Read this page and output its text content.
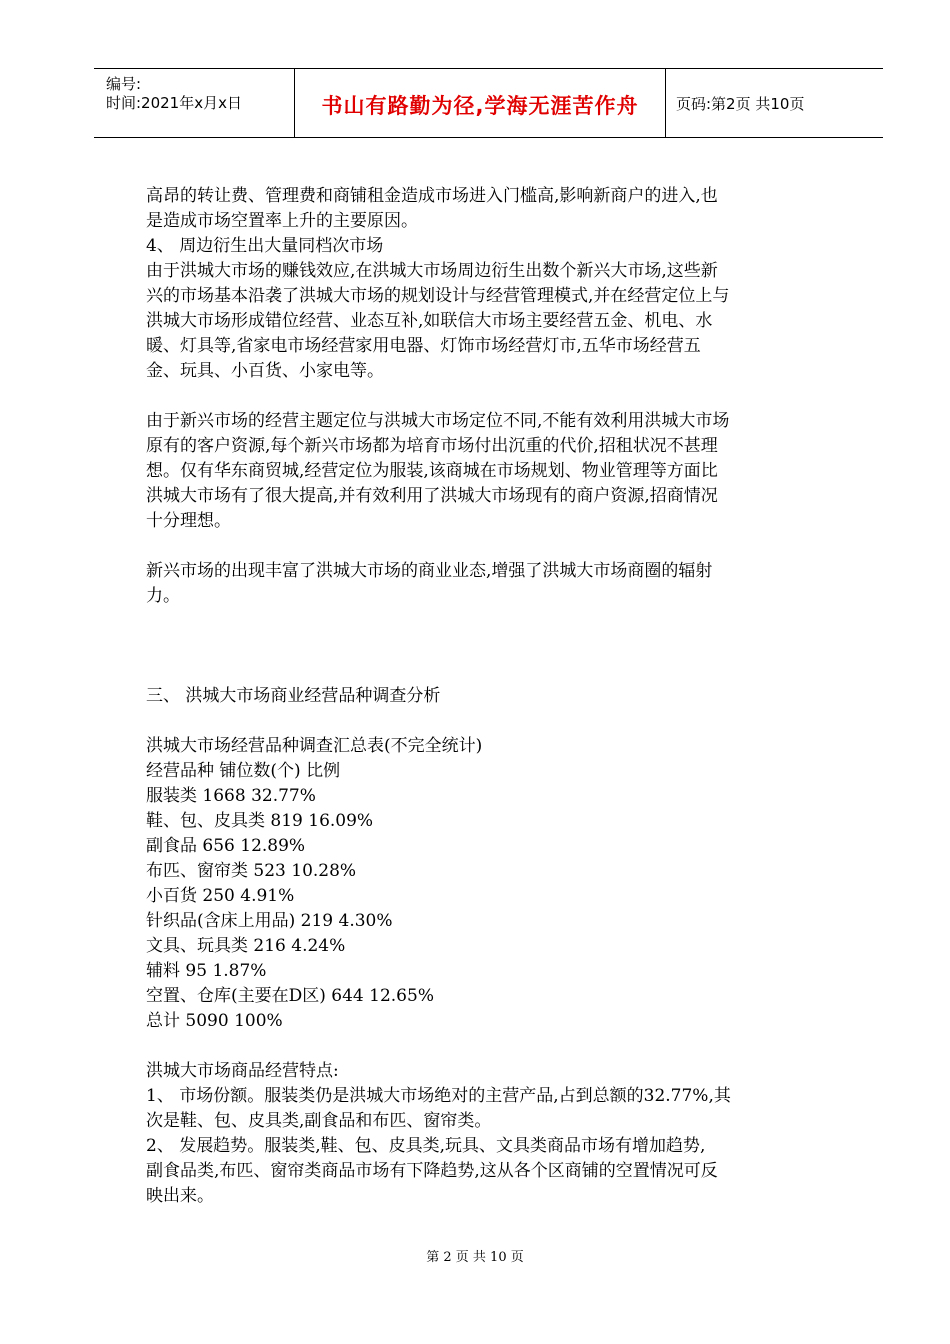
编号:
时间:2021年x月x日	书山有路勤为径,学海无涯苦作舟	页码:第2页 共10页
高昂的转让费、管理费和商铺租金造成市场进入门槛高,影响新商户的进入,也
是造成市场空置率上升的主要原因。
4、 周边衍生出大量同档次市场
由于洪城大市场的赚钱效应,在洪城大市场周边衍生出数个新兴大市场,这些新
兴的市场基本沿袭了洪城大市场的规划设计与经营管理模式,并在经营定位上与
洪城大市场形成错位经营、业态互补,如联信大市场主要经营五金、机电、水
暖、灯具等,省家电市场经营家用电器、灯饰市场经营灯市,五华市场经营五
金、玩具、小百货、小家电等。
由于新兴市场的经营主题定位与洪城大市场定位不同,不能有效利用洪城大市场
原有的客户资源,每个新兴市场都为培育市场付出沉重的代价,招租状况不甚理
想。仅有华东商贸城,经营定位为服装,该商城在市场规划、物业管理等方面比
洪城大市场有了很大提高,并有效利用了洪城大市场现有的商户资源,招商情况
十分理想。
新兴市场的出现丰富了洪城大市场的商业业态,增强了洪城大市场商圈的辐射
力。
三、 洪城大市场商业经营品种调查分析
洪城大市场经营品种调查汇总表(不完全统计)
经营品种 铺位数(个) 比例
服装类 1668 32.77%
鞋、包、皮具类 819 16.09%
副食品 656 12.89%
布匹、窗帘类 523 10.28%
小百货 250 4.91%
针织品(含床上用品) 219 4.30%
文具、玩具类 216 4.24%
辅料 95 1.87%
空置、仓库(主要在D区) 644 12.65%
总计 5090 100%
洪城大市场商品经营特点:
1、 市场份额。服装类仍是洪城大市场绝对的主营产品,占到总额的32.77%,其
次是鞋、包、皮具类,副食品和布匹、窗帘类。
2、 发展趋势。服装类,鞋、包、皮具类,玩具、文具类商品市场有增加趋势,
副食品类,布匹、窗帘类商品市场有下降趋势,这从各个区商铺的空置情况可反
映出来。
第 2 页 共 10 页
